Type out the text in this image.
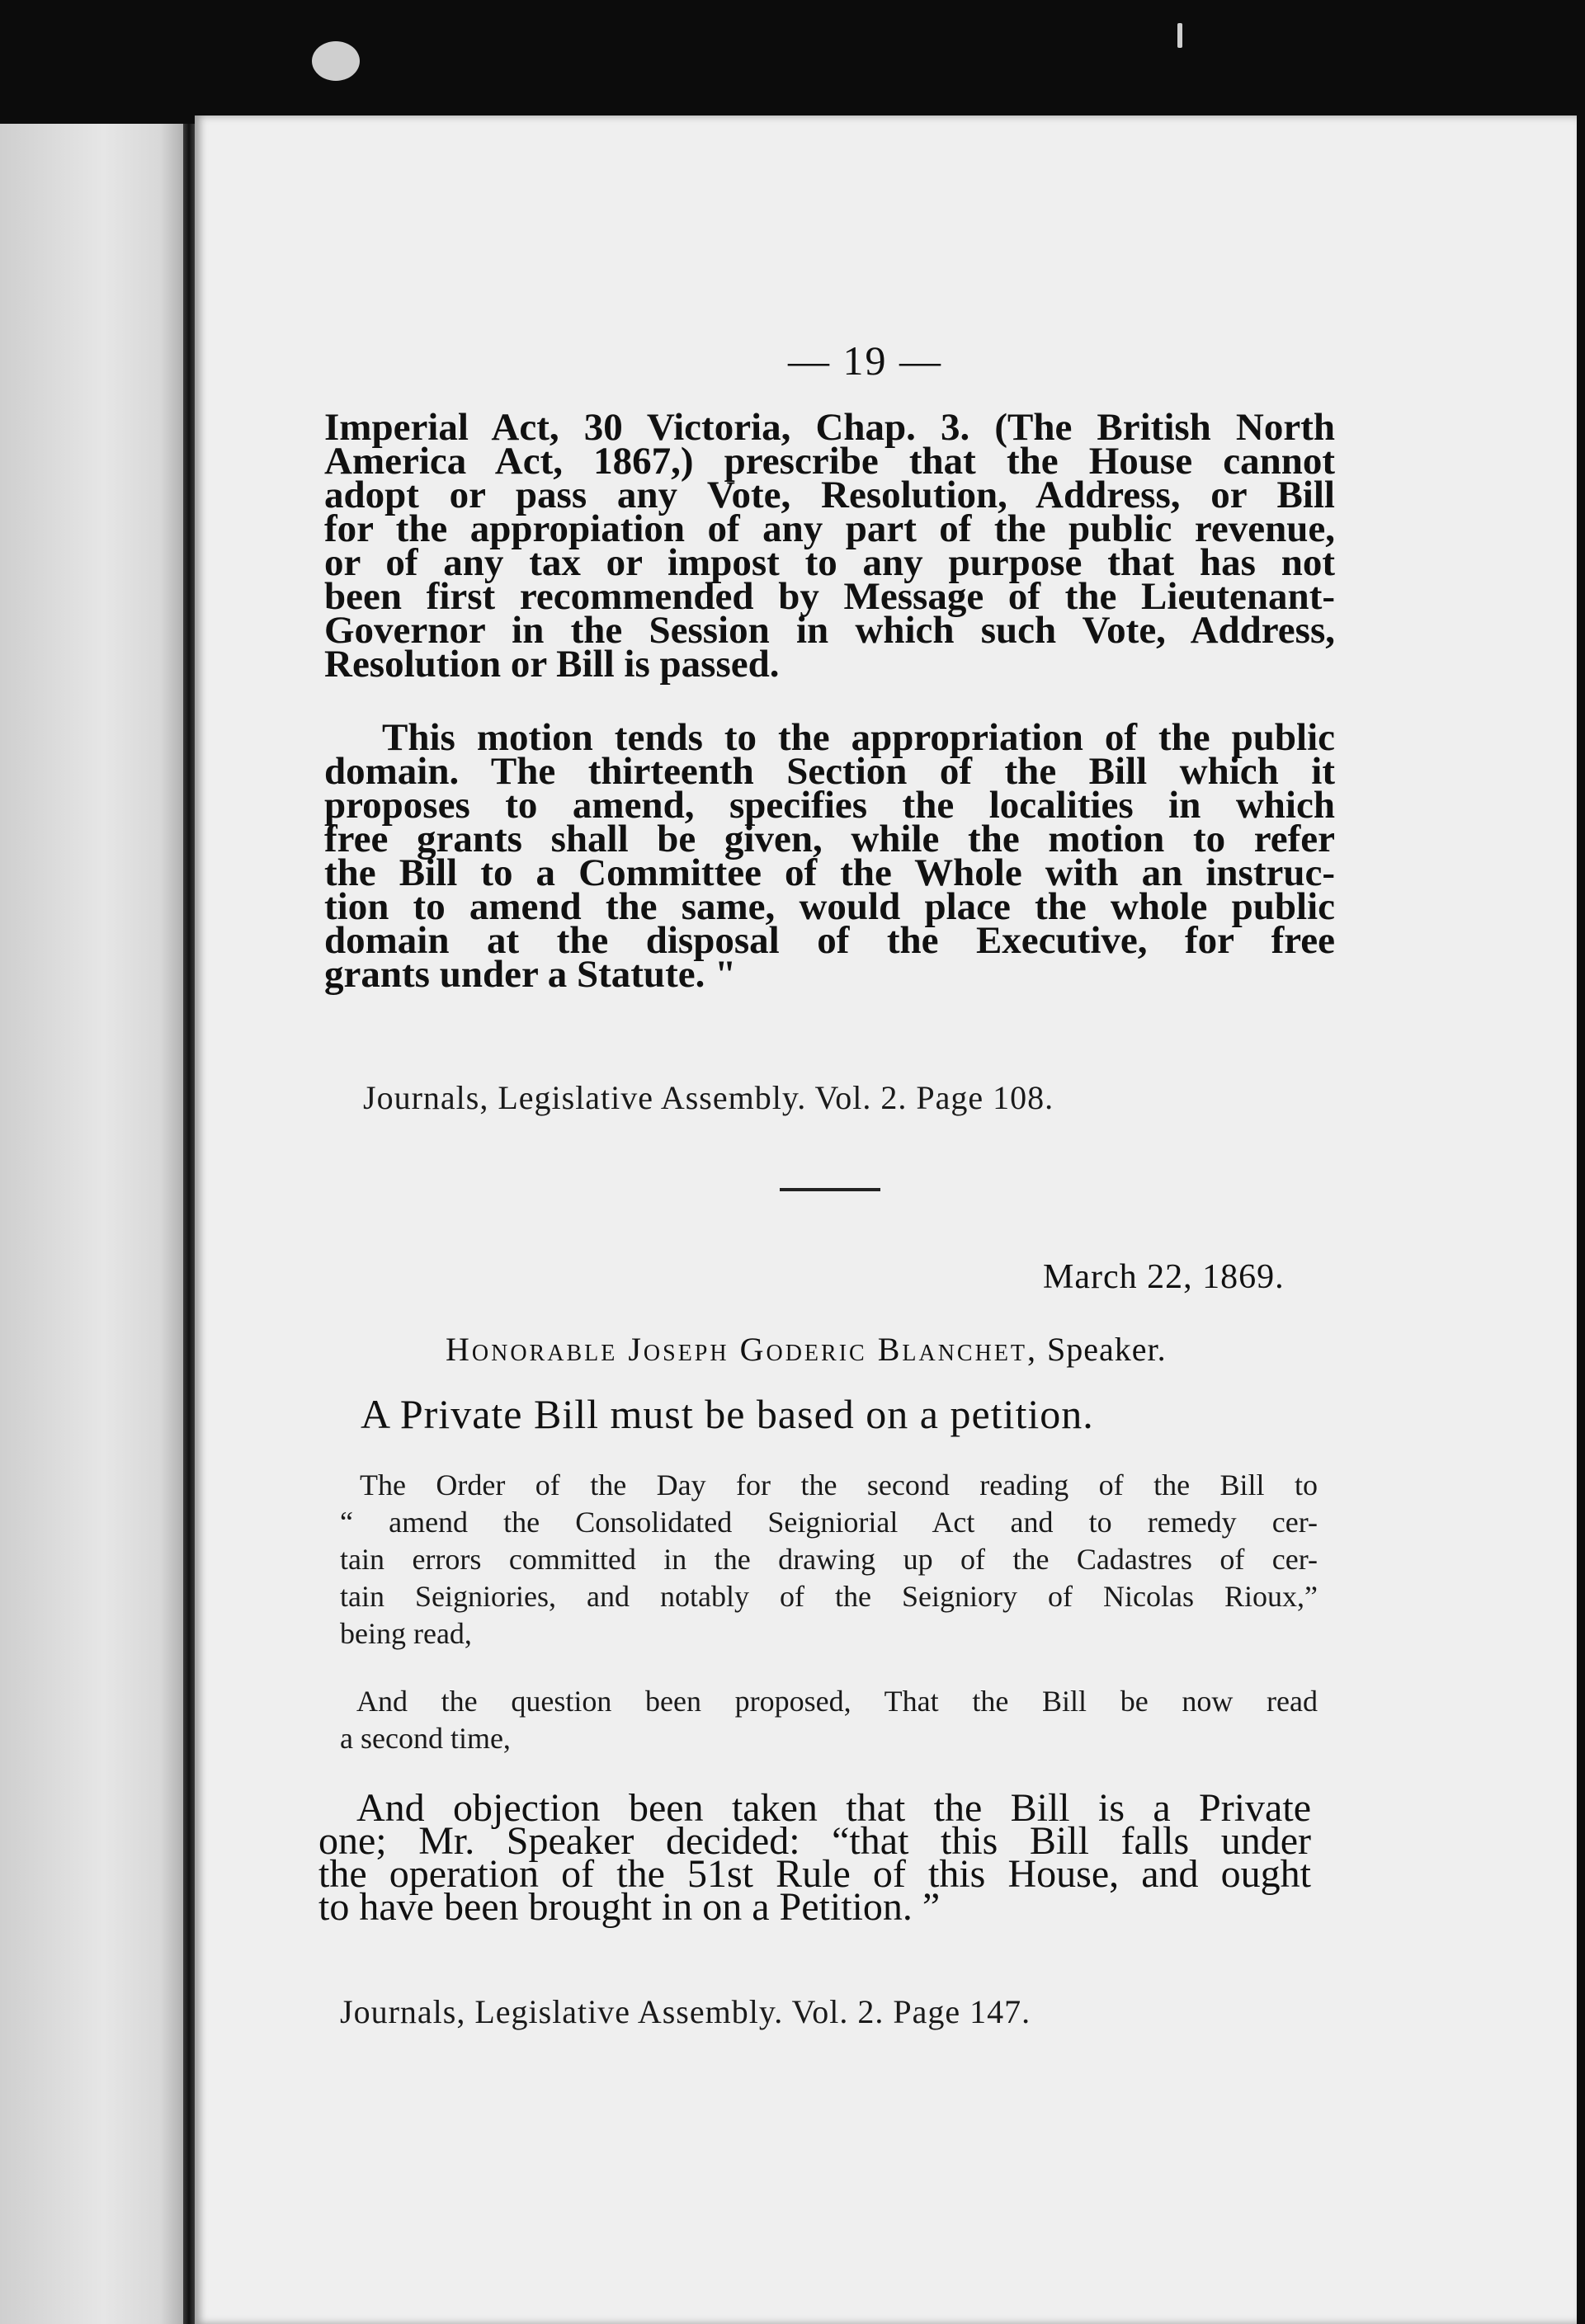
— 19 —
Imperial Act, 30 Victoria, Chap. 3. (The British North
America Act, 1867,) prescribe that the House cannot
adopt or pass any Vote, Resolution, Address, or Bill
for the appropiation of any part of the public revenue,
or of any tax or impost to any purpose that has not
been first recommended by Message of the Lieutenant-
Governor in the Session in which such Vote, Address,
Resolution or Bill is passed.
This motion tends to the appropriation of the public
domain. The thirteenth Section of the Bill which it
proposes to amend, specifies the localities in which
free grants shall be given, while the motion to refer
the Bill to a Committee of the Whole with an instruc-
tion to amend the same, would place the whole public
domain at the disposal of the Executive, for free
grants under a Statute. "
Journals, Legislative Assembly. Vol. 2. Page 108.
March 22, 1869.
Honorable Joseph Goderic Blanchet, Speaker.
A Private Bill must be based on a petition.
The Order of the Day for the second reading of the Bill to
“ amend the Consolidated Seigniorial Act and to remedy cer-
tain errors committed in the drawing up of the Cadastres of cer-
tain Seigniories, and notably of the Seigniory of Nicolas Rioux,”
being read,
And the question been proposed, That the Bill be now read
a second time,
And objection been taken that the Bill is a Private
one; Mr. Speaker decided: “that this Bill falls under
the operation of the 51st Rule of this House, and ought
to have been brought in on a Petition. ”
Journals, Legislative Assembly. Vol. 2. Page 147.
